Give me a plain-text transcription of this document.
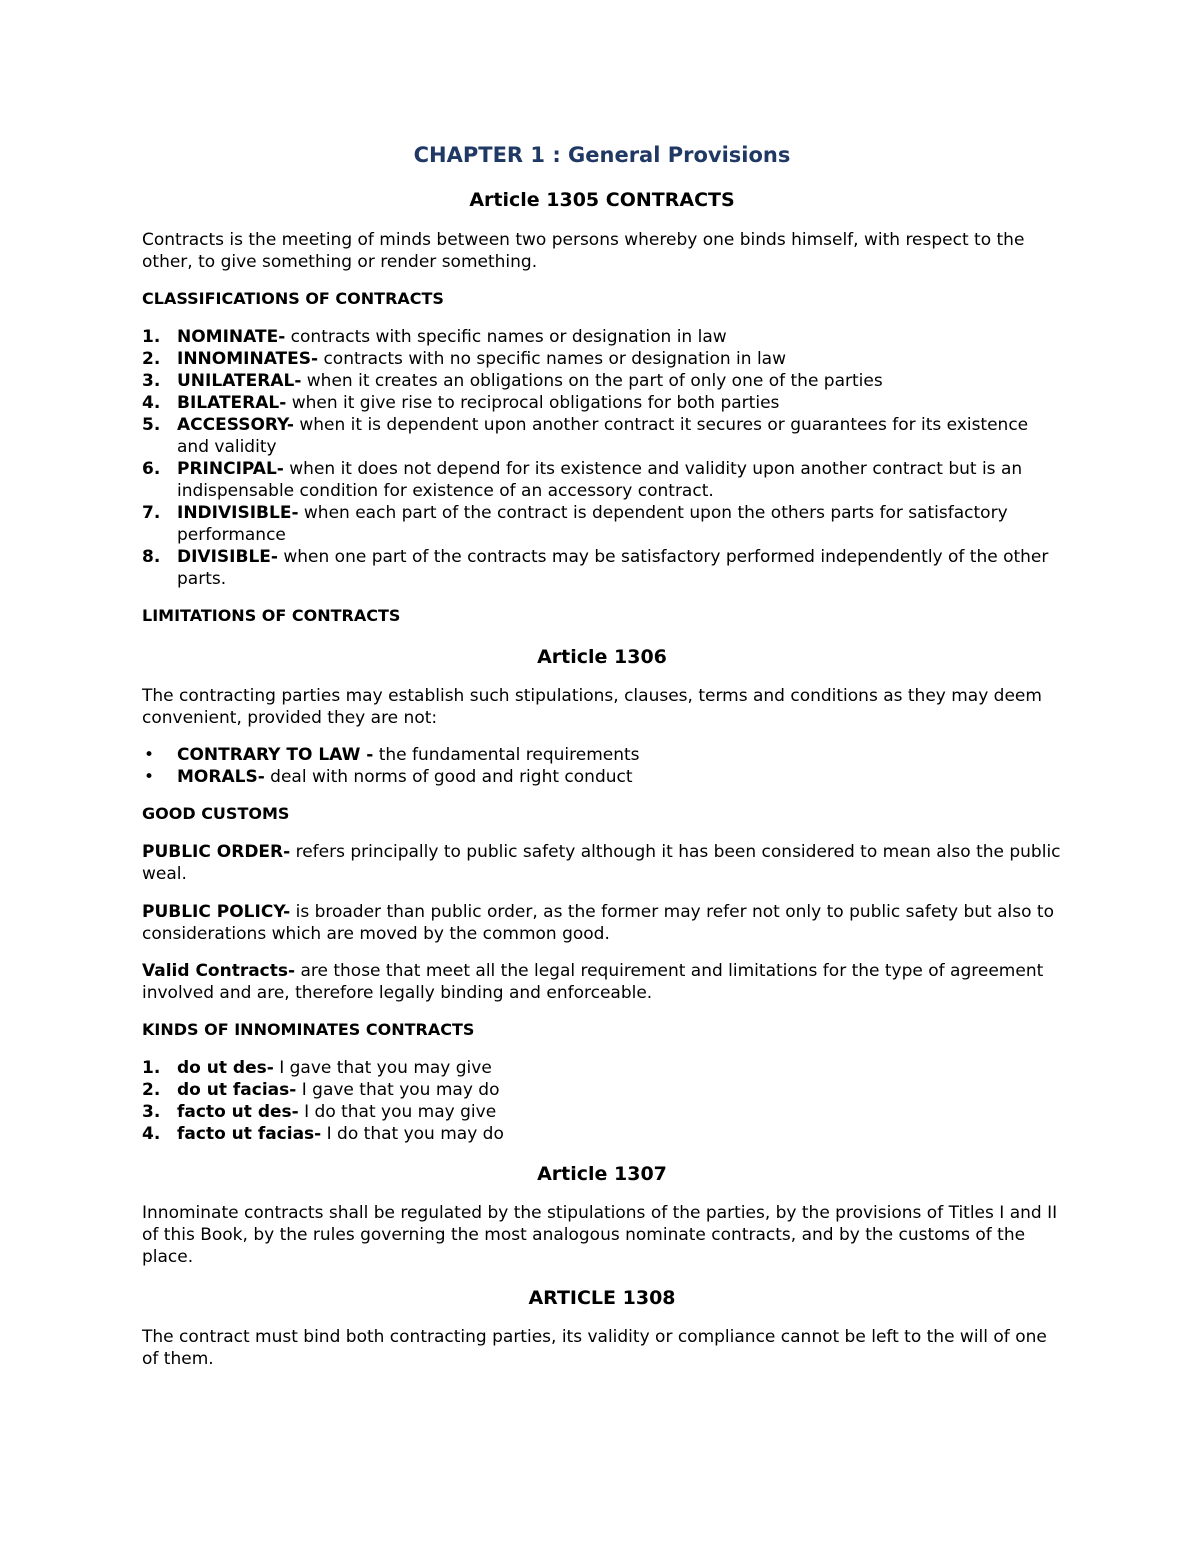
CHAPTER 1 : General Provisions
Article 1305 CONTRACTS

Contracts is the meeting of minds between two persons whereby one binds himself, with respect to the other, to give something or render something.

CLASSIFICATIONS OF CONTRACTS
1. NOMINATE- contracts with specific names or designation in law
2. INNOMINATES- contracts with no specific names or designation in law
3. UNILATERAL- when it creates an obligations on the part of only one of the parties
4. BILATERAL- when it give rise to reciprocal obligations for both parties
5. ACCESSORY- when it is dependent upon another contract it secures or guarantees for its existence and validity
6. PRINCIPAL- when it does not depend for its existence and validity upon another contract but is an indispensable condition for existence of an accessory contract.
7. INDIVISIBLE- when each part of the contract is dependent upon the others parts for satisfactory performance
8. DIVISIBLE- when one part of the contracts may be satisfactory performed independently of the other parts.
LIMITATIONS OF CONTRACTS
Article 1306

The contracting parties may establish such stipulations, clauses, terms and conditions as they may deem convenient, provided they are not:

• CONTRARY TO LAW - the fundamental requirements
• MORALS- deal with norms of good and right conduct
GOOD CUSTOMS

PUBLIC ORDER- refers principally to public safety although it has been considered to mean also the public weal.

PUBLIC POLICY- is broader than public order, as the former may refer not only to public safety but also to considerations which are moved by the common good.

Valid Contracts- are those that meet all the legal requirement and limitations for the type of agreement involved and are, therefore legally binding and enforceable.

KINDS OF INNOMINATES CONTRACTS
1. do ut des- I gave that you may give
2. do ut facias- I gave that you may do
3. facto ut des- I do that you may give
4. facto ut facias- I do that you may do
Article 1307

Innominate contracts shall be regulated by the stipulations of the parties, by the provisions of Titles I and II of this Book, by the rules governing the most analogous nominate contracts, and by the customs of the place.

ARTICLE 1308

The contract must bind both contracting parties, its validity or compliance cannot be left to the will of one of them.
